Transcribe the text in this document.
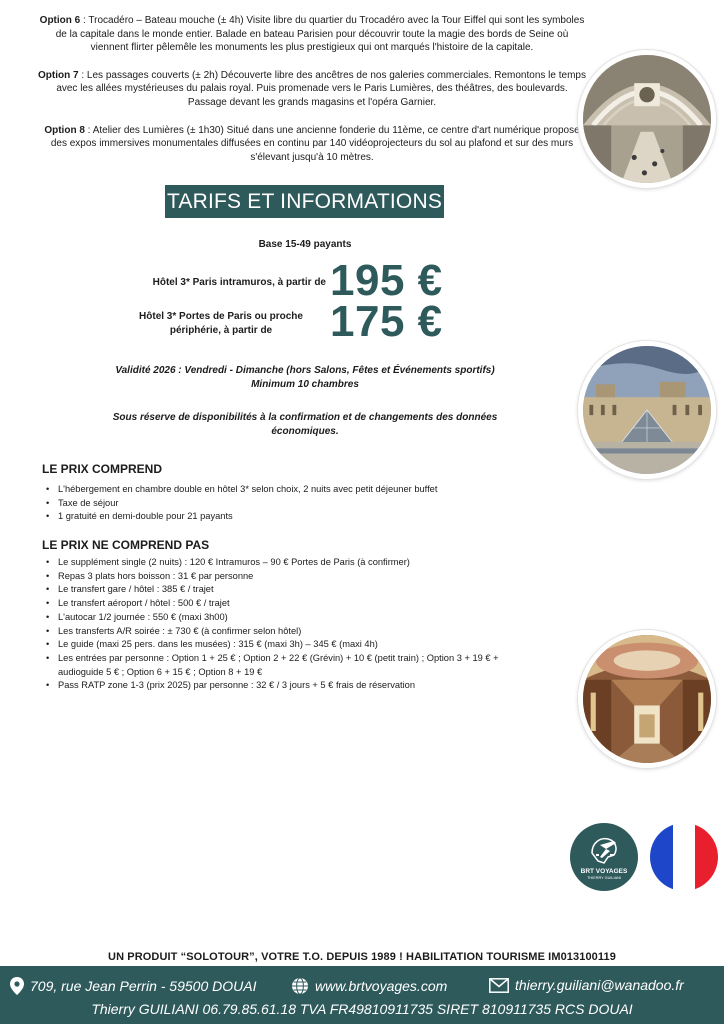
Option 6 : Trocadéro – Bateau mouche (± 4h) Visite libre du quartier du Trocadéro avec la Tour Eiffel qui sont les symboles de la capitale dans le monde entier. Balade en bateau Parisien pour découvrir toute la magie des bords de Seine où viennent flirter pêlemêle les monuments les plus prestigieux qui ont marqués l'histoire de la capitale.

Option 7 : Les passages couverts (± 2h) Découverte libre des ancêtres de nos galeries commerciales. Remontons le temps avec les allées mystérieuses du palais royal. Puis promenade vers le Paris Lumières, des théâtres, des boulevards. Passage devant les grands magasins et l'opéra Garnier.

Option 8 : Atelier des Lumières (± 1h30) Situé dans une ancienne fonderie du 11ème, ce centre d'art numérique propose des expos immersives monumentales diffusées en continu par 140 vidéoprojecteurs du sol au plafond et sur des murs s'élevant jusqu'à 10 mètres.

TARIFS ET INFORMATIONS
Base 15-49 payants
Hôtel 3* Paris intramuros, à partir de 195 €
Hôtel 3* Portes de Paris ou proche
périphérie, à partir de	175 €
Validité 2026 : Vendredi - Dimanche (hors Salons, Fêtes et Événements sportifs)
Minimum 10 chambres
Sous réserve de disponibilités à la confirmation et de changements des données
économiques.
LE PRIX COMPREND
• L'hébergement en chambre double en hôtel 3* selon choix, 2 nuits avec petit déjeuner buffet
• Taxe de séjour
• 1 gratuité en demi-double pour 21 payants
LE PRIX NE COMPREND PAS
• Le supplément single (2 nuits) : 120 € Intramuros – 90 € Portes de Paris (à confirmer)
• Repas 3 plats hors boisson : 31 € par personne
• Le transfert gare / hôtel : 385 € / trajet
• Le transfert aéroport / hôtel : 500 € / trajet
• L'autocar 1/2 journée : 550 € (maxi 3h00)
• Les transferts A/R soirée : ± 730 € (à confirmer selon hôtel)
• Le guide (maxi 25 pers. dans les musées) : 315 € (maxi 3h) – 345 € (maxi 4h)
• Les entrées par personne : Option 1 + 25 € ; Option 2 + 22 € (Grévin) + 10 € (petit train) ; Option 3 + 19 € + audioguide 5 € ; Option 6 + 15 € ; Option 8 + 19 €
• Pass RATP zone 1-3 (prix 2025) par personne : 32 € / 3 jours + 5 € frais de réservation
BRT VOYAGES
THIERRY GUILIANI
UN PRODUIT “SOLOTOUR”, VOTRE T.O. DEPUIS 1989 ! HABILITATION TOURISME IM013100119
709, rue Jean Perrin - 59500 DOUAI	www.brtvoyages.com	thierry.guiliani@wanadoo.fr
Thierry GUILIANI 06.79.85.61.18 TVA FR49810911735 SIRET 810911735 RCS DOUAI
